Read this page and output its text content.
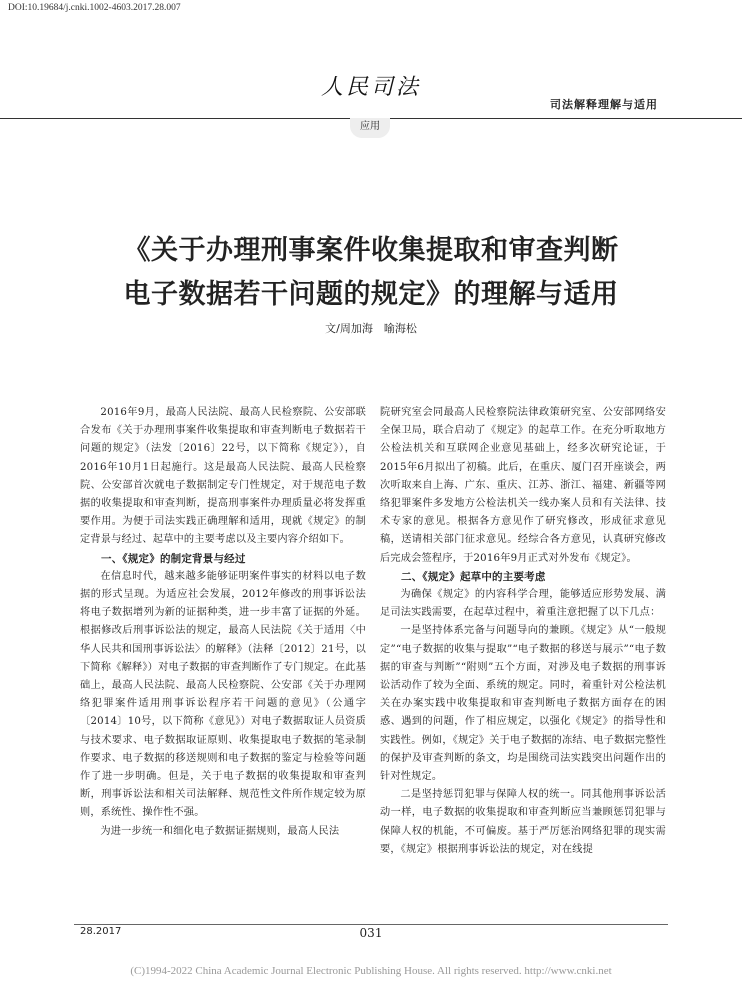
DOI:10.19684/j.cnki.1002-4603.2017.28.007
人民司法
司法解释理解与适用
应用
《关于办理刑事案件收集提取和审查判断
电子数据若干问题的规定》的理解与适用
文/周加海　喻海松

2016年9月，最高人民法院、最高人民检察院、公安部联合发布《关于办理刑事案件收集提取和审查判断电子数据若干问题的规定》（法发〔2016〕22号，以下简称《规定》），自2016年10月1日起施行。这是最高人民法院、最高人民检察院、公安部首次就电子数据制定专门性规定，对于规范电子数据的收集提取和审查判断，提高刑事案件办理质量必将发挥重要作用。为便于司法实践正确理解和适用，现就《规定》的制定背景与经过、起草中的主要考虑以及主要内容介绍如下。

一、《规定》的制定背景与经过

在信息时代，越来越多能够证明案件事实的材料以电子数据的形式呈现。为适应社会发展，2012年修改的刑事诉讼法将电子数据增列为新的证据种类，进一步丰富了证据的外延。根据修改后刑事诉讼法的规定，最高人民法院《关于适用〈中华人民共和国刑事诉讼法〉的解释》（法释〔2012〕21号，以下简称《解释》）对电子数据的审查判断作了专门规定。在此基础上，最高人民法院、最高人民检察院、公安部《关于办理网络犯罪案件适用刑事诉讼程序若干问题的意见》（公通字〔2014〕10号，以下简称《意见》）对电子数据取证人员资质与技术要求、电子数据取证原则、收集提取电子数据的笔录制作要求、电子数据的移送规则和电子数据的鉴定与检验等问题作了进一步明确。但是，关于电子数据的收集提取和审查判断，刑事诉讼法和相关司法解释、规范性文件所作规定较为原则，系统性、操作性不强。

为进一步统一和细化电子数据证据规则，最高人民法

院研究室会同最高人民检察院法律政策研究室、公安部网络安全保卫局，联合启动了《规定》的起草工作。在充分听取地方公检法机关和互联网企业意见基础上，经多次研究论证，于2015年6月拟出了初稿。此后，在重庆、厦门召开座谈会，两次听取来自上海、广东、重庆、江苏、浙江、福建、新疆等网络犯罪案件多发地方公检法机关一线办案人员和有关法律、技术专家的意见。根据各方意见作了研究修改，形成征求意见稿，送请相关部门征求意见。经综合各方意见，认真研究修改后完成会签程序，于2016年9月正式对外发布《规定》。

二、《规定》起草中的主要考虑

为确保《规定》的内容科学合理，能够适应形势发展、满足司法实践需要，在起草过程中，着重注意把握了以下几点：

一是坚持体系完备与问题导向的兼顾。《规定》从“一般规定”“电子数据的收集与提取”“电子数据的移送与展示”“电子数据的审查与判断”“附则”五个方面，对涉及电子数据的刑事诉讼活动作了较为全面、系统的规定。同时，着重针对公检法机关在办案实践中收集提取和审查判断电子数据方面存在的困惑、遇到的问题，作了相应规定，以强化《规定》的指导性和实践性。例如，《规定》关于电子数据的冻结、电子数据完整性的保护及审查判断的条文，均是围绕司法实践突出问题作出的针对性规定。

二是坚持惩罚犯罪与保障人权的统一。同其他刑事诉讼活动一样，电子数据的收集提取和审查判断应当兼顾惩罚犯罪与保障人权的机能，不可偏废。基于严厉惩治网络犯罪的现实需要，《规定》根据刑事诉讼法的规定，对在线提

28.2017	031
(C)1994-2022 China Academic Journal Electronic Publishing House. All rights reserved. http://www.cnki.net
